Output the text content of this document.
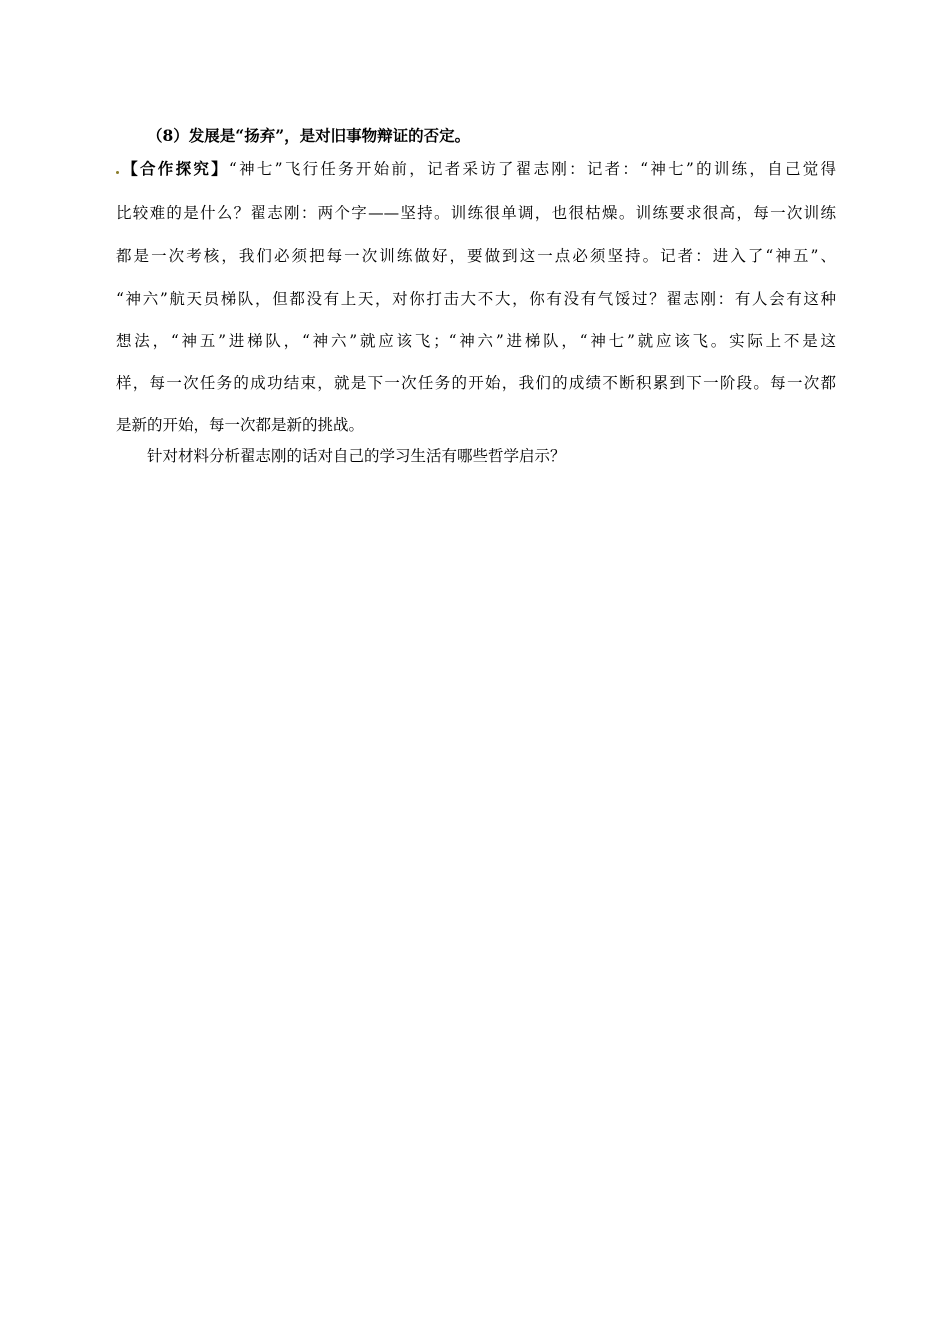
（8）发展是“扬弃”，是对旧事物辩证的否定。
【合作探究】“神七”飞行任务开始前，记者采访了翟志刚：记者：“神七”的训练，自己觉得
比较难的是什么？翟志刚：两个字——坚持。训练很单调，也很枯燥。训练要求很高，每一次训练
都是一次考核，我们必须把每一次训练做好，要做到这一点必须坚持。记者：进入了“神五”、
“神六”航天员梯队，但都没有上天，对你打击大不大，你有没有气馁过？翟志刚：有人会有这种
想法，“神五”进梯队，“神六”就应该飞；“神六”进梯队，“神七”就应该飞。实际上不是这
样，每一次任务的成功结束，就是下一次任务的开始，我们的成绩不断积累到下一阶段。每一次都
是新的开始，每一次都是新的挑战。
针对材料分析翟志刚的话对自己的学习生活有哪些哲学启示？
